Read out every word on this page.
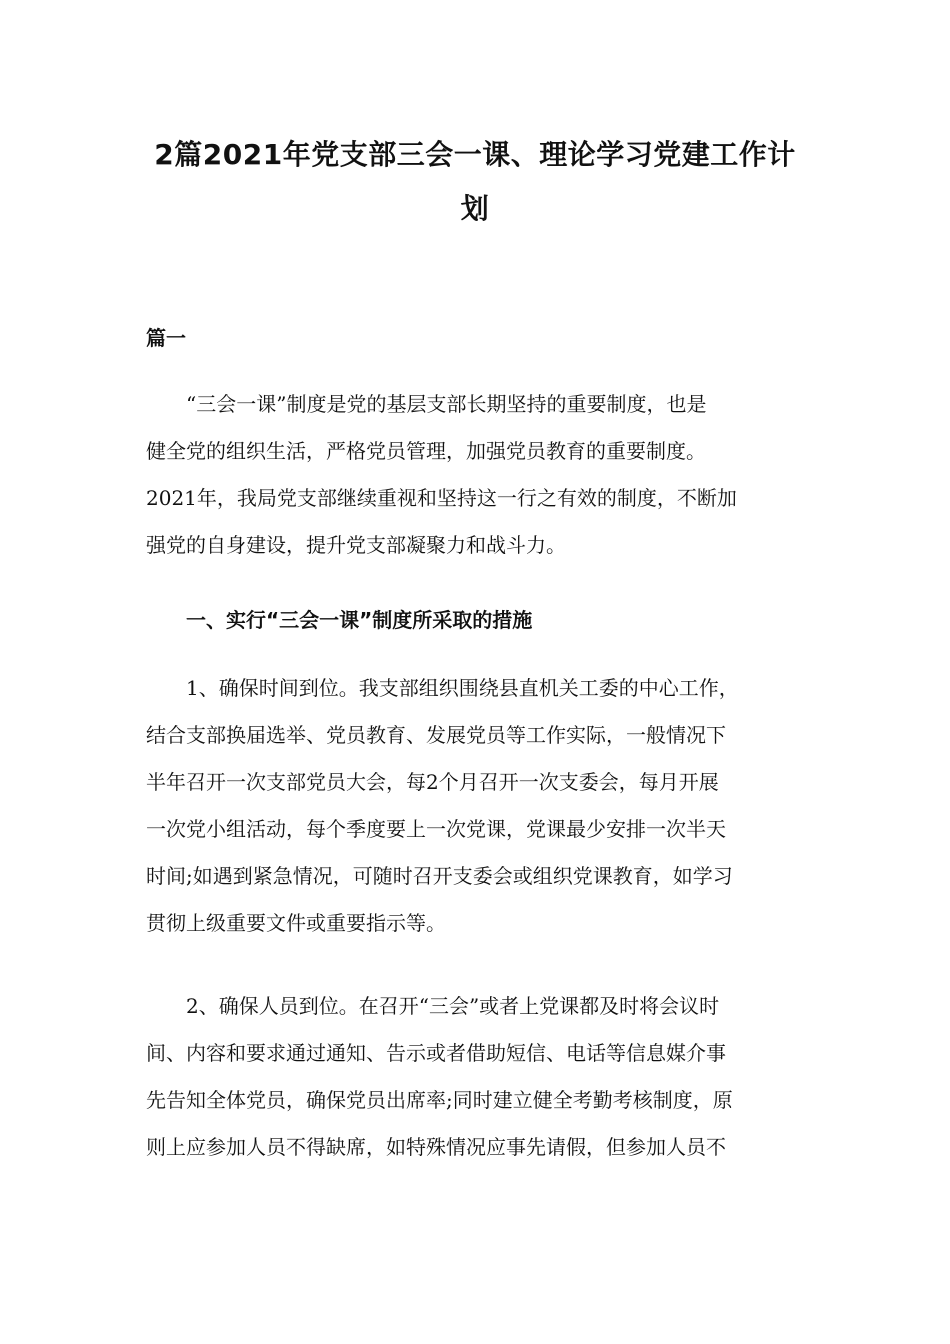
2篇2021年党支部三会一课、理论学习党建工作计
划

篇一

“三会一课”制度是党的基层支部长期坚持的重要制度，也是
健全党的组织生活，严格党员管理，加强党员教育的重要制度。
2021年，我局党支部继续重视和坚持这一行之有效的制度，不断加
强党的自身建设，提升党支部凝聚力和战斗力。

一、实行“三会一课”制度所采取的措施

1、确保时间到位。我支部组织围绕县直机关工委的中心工作，
结合支部换届选举、党员教育、发展党员等工作实际，一般情况下
半年召开一次支部党员大会，每2个月召开一次支委会，每月开展
一次党小组活动，每个季度要上一次党课，党课最少安排一次半天
时间;如遇到紧急情况，可随时召开支委会或组织党课教育，如学习
贯彻上级重要文件或重要指示等。
2、确保人员到位。在召开“三会”或者上党课都及时将会议时
间、内容和要求通过通知、告示或者借助短信、电话等信息媒介事
先告知全体党员，确保党员出席率;同时建立健全考勤考核制度，原
则上应参加人员不得缺席，如特殊情况应事先请假，但参加人员不
